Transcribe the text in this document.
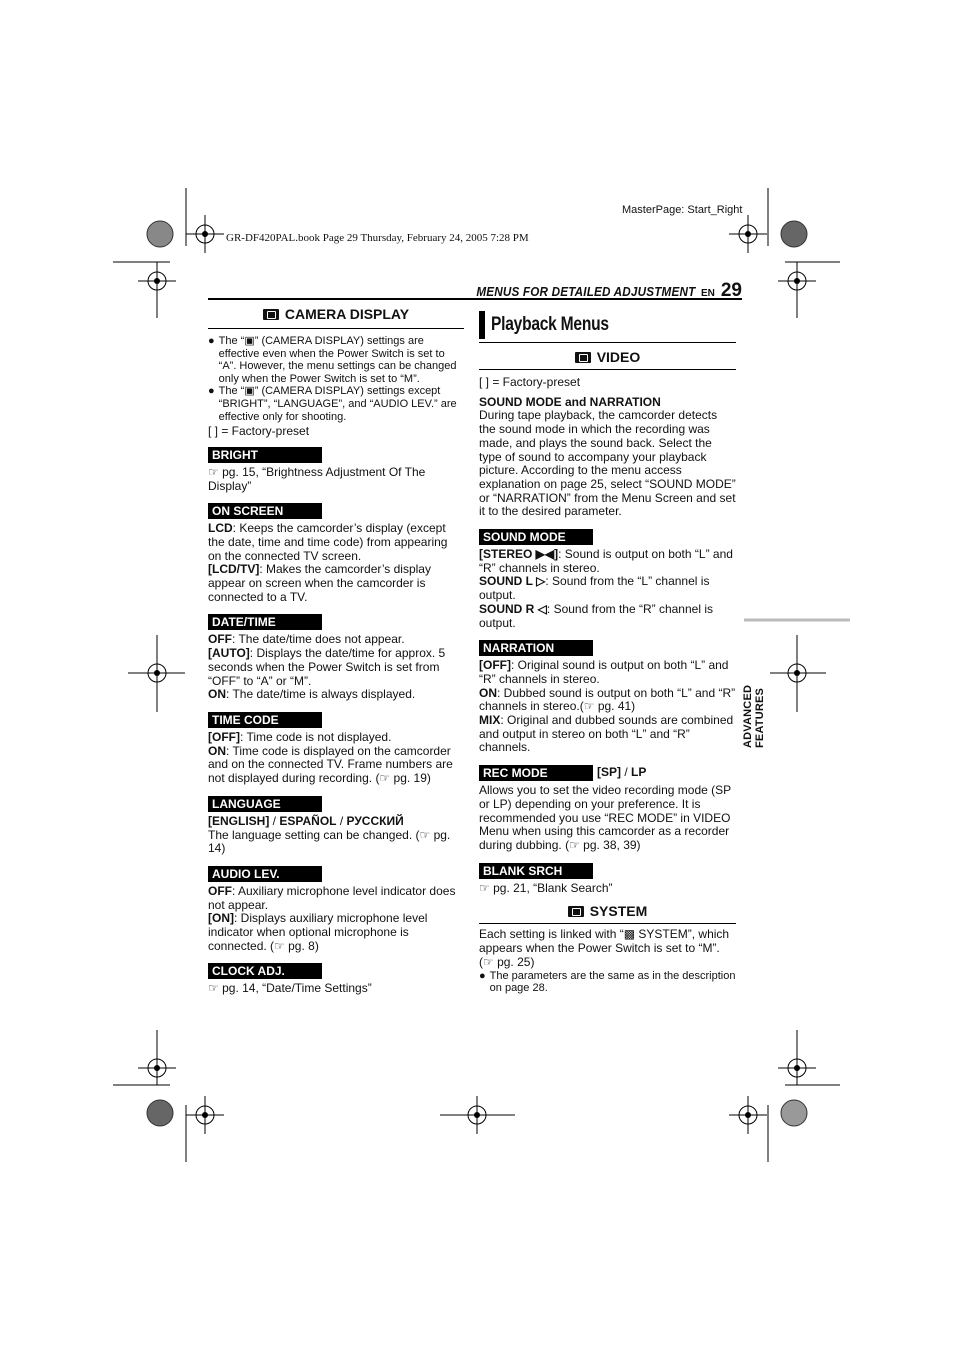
MasterPage: Start_Right
GR-DF420PAL.book Page 29 Thursday, February 24, 2005 7:28 PM
MENUS FOR DETAILED ADJUSTMENT EN 29
ADVANCED FEATURES
CAMERA DISPLAY
● The “▣” (CAMERA DISPLAY) settings are effective even when the Power Switch is set to “A”. However, the menu settings can be changed only when the Power Switch is set to “M”.
● The “▣” (CAMERA DISPLAY) settings except “BRIGHT”, “LANGUAGE”, and “AUDIO LEV.” are effective only for shooting.
[ ] = Factory-preset
BRIGHT
☞ pg. 15, “Brightness Adjustment Of The Display”
ON SCREEN
LCD: Keeps the camcorder’s display (except the date, time and time code) from appearing on the connected TV screen.
[LCD/TV]: Makes the camcorder’s display appear on screen when the camcorder is connected to a TV.
DATE/TIME
OFF: The date/time does not appear.
[AUTO]: Displays the date/time for approx. 5 seconds when the Power Switch is set from “OFF” to “A” or “M”.
ON: The date/time is always displayed.
TIME CODE
[OFF]: Time code is not displayed.
ON: Time code is displayed on the camcorder and on the connected TV. Frame numbers are not displayed during recording. (☞ pg. 19)
LANGUAGE
[ENGLISH] / ESPAÑOL / РУССКИЙ
The language setting can be changed. (☞ pg. 14)
AUDIO LEV.
OFF: Auxiliary microphone level indicator does not appear.
[ON]: Displays auxiliary microphone level indicator when optional microphone is connected. (☞ pg. 8)
CLOCK ADJ.
☞ pg. 14, “Date/Time Settings”
Playback Menus
VIDEO
[ ] = Factory-preset
SOUND MODE and NARRATION
During tape playback, the camcorder detects the sound mode in which the recording was made, and plays the sound back. Select the type of sound to accompany your playback picture. According to the menu access explanation on page 25, select “SOUND MODE” or “NARRATION” from the Menu Screen and set it to the desired parameter.
SOUND MODE
[STEREO ▶◀]: Sound is output on both “L” and “R” channels in stereo.
SOUND L ▷: Sound from the “L” channel is output.
SOUND R ◁: Sound from the “R” channel is output.
NARRATION
[OFF]: Original sound is output on both “L” and “R” channels in stereo.
ON: Dubbed sound is output on both “L” and “R” channels in stereo.(☞ pg. 41)
MIX: Original and dubbed sounds are combined and output in stereo on both “L” and “R” channels.
REC MODE	[SP] / LP
Allows you to set the video recording mode (SP or LP) depending on your preference. It is recommended you use “REC MODE” in VIDEO Menu when using this camcorder as a recorder during dubbing. (☞ pg. 38, 39)
BLANK SRCH
☞ pg. 21, “Blank Search”
SYSTEM
Each setting is linked with “▩ SYSTEM”, which appears when the Power Switch is set to “M”. (☞ pg. 25)
● The parameters are the same as in the description on page 28.
